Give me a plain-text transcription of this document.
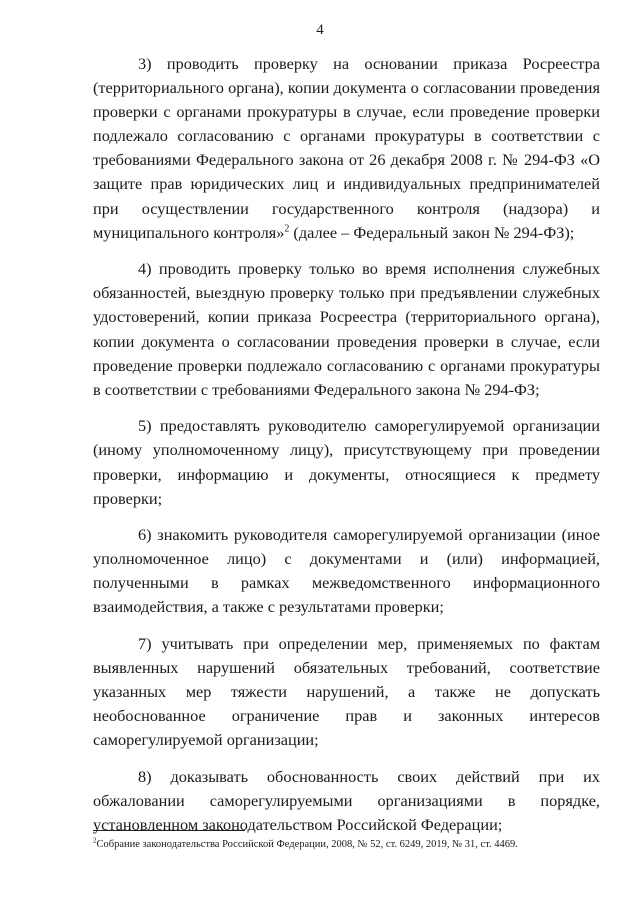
4

3) проводить проверку на основании приказа Росреестра (территориального органа), копии документа о согласовании проведения проверки с органами прокуратуры в случае, если проведение проверки подлежало согласованию с органами прокуратуры в соответствии с требованиями Федерального закона от 26 декабря 2008 г. № 294-ФЗ «О защите прав юридических лиц и индивидуальных предпринимателей при осуществлении государственного контроля (надзора) и муниципального контроля»$^2$ (далее – Федеральный закон № 294-ФЗ);

4) проводить проверку только во время исполнения служебных обязанностей, выездную проверку только при предъявлении служебных удостоверений, копии приказа Росреестра (территориального органа), копии документа о согласовании проведения проверки в случае, если проведение проверки подлежало согласованию с органами прокуратуры в соответствии с требованиями Федерального закона № 294-ФЗ;

5) предоставлять руководителю саморегулируемой организации (иному уполномоченному лицу), присутствующему при проведении проверки, информацию и документы, относящиеся к предмету проверки;

6) знакомить руководителя саморегулируемой организации (иное уполномоченное лицо) с документами и (или) информацией, полученными в рамках межведомственного информационного взаимодействия, а также с результатами проверки;

7) учитывать при определении мер, применяемых по фактам выявленных нарушений обязательных требований, соответствие указанных мер тяжести нарушений, а также не допускать необоснованное ограничение прав и законных интересов саморегулируемой организации;

8) доказывать обоснованность своих действий при их обжаловании саморегулируемыми организациями в порядке, установленном законодательством Российской Федерации;

$^2$Собрание законодательства Российской Федерации, 2008, № 52, ст. 6249, 2019, № 31, ст. 4469.
